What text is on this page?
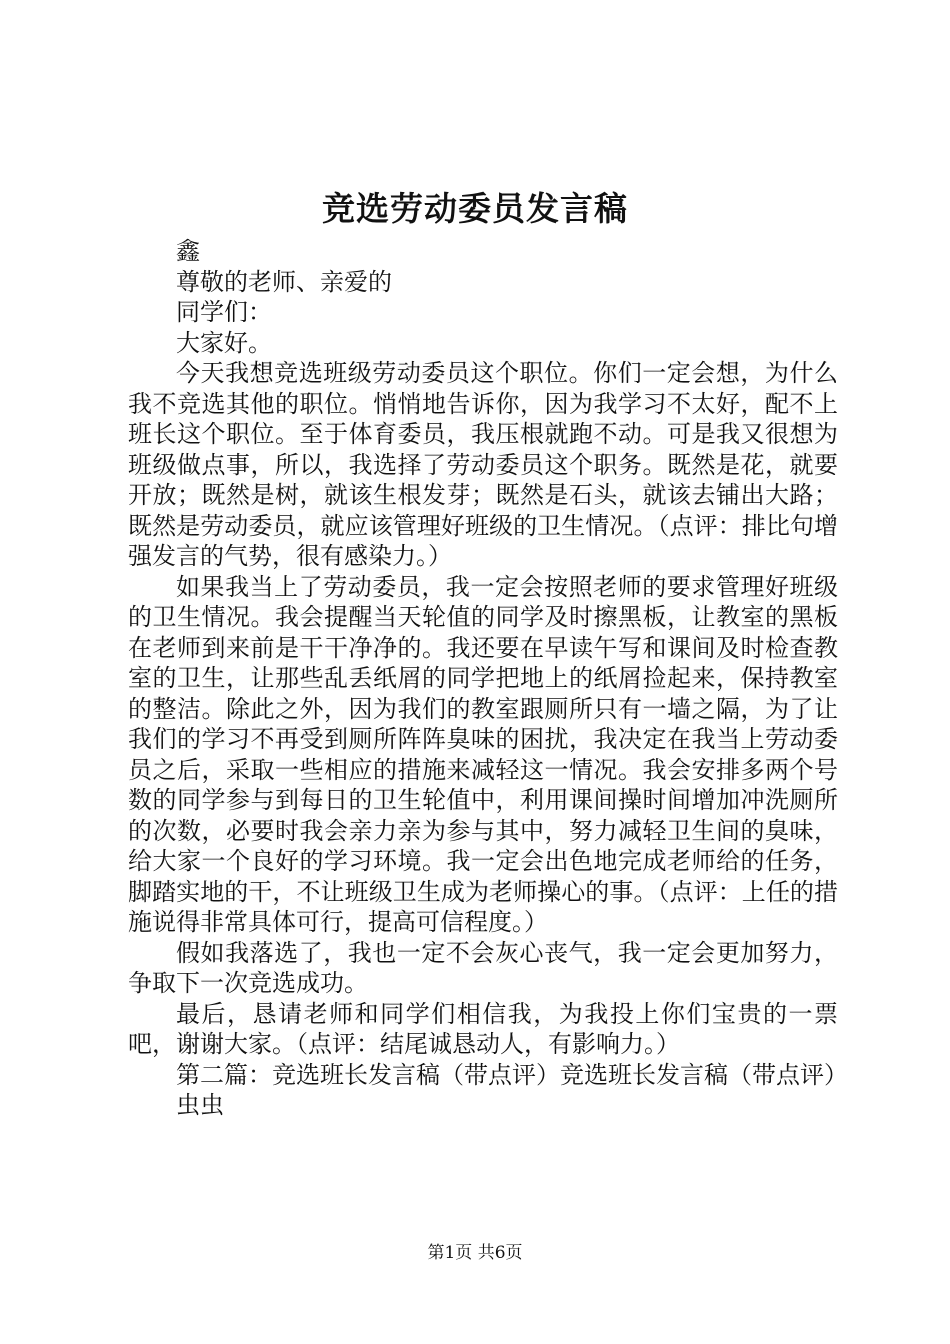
竞选劳动委员发言稿

鑫

尊敬的老师、亲爱的

同学们：

大家好。

今天我想竞选班级劳动委员这个职位。你们一定会想，为什么我不竞选其他的职位。悄悄地告诉你，因为我学习不太好，配不上班长这个职位。至于体育委员，我压根就跑不动。可是我又很想为班级做点事，所以，我选择了劳动委员这个职务。既然是花，就要开放；既然是树，就该生根发芽；既然是石头，就该去铺出大路；既然是劳动委员，就应该管理好班级的卫生情况。（点评：排比句增强发言的气势，很有感染力。）

如果我当上了劳动委员，我一定会按照老师的要求管理好班级的卫生情况。我会提醒当天轮值的同学及时擦黑板，让教室的黑板在老师到来前是干干净净的。我还要在早读午写和课间及时检查教室的卫生，让那些乱丢纸屑的同学把地上的纸屑捡起来，保持教室的整洁。除此之外，因为我们的教室跟厕所只有一墙之隔，为了让我们的学习不再受到厕所阵阵臭味的困扰，我决定在我当上劳动委员之后，采取一些相应的措施来减轻这一情况。我会安排多两个号数的同学参与到每日的卫生轮值中，利用课间操时间增加冲洗厕所的次数，必要时我会亲力亲为参与其中，努力减轻卫生间的臭味，给大家一个良好的学习环境。我一定会出色地完成老师给的任务，脚踏实地的干，不让班级卫生成为老师操心的事。（点评：上任的措施说得非常具体可行，提高可信程度。）

假如我落选了，我也一定不会灰心丧气，我一定会更加努力，争取下一次竞选成功。

最后，恳请老师和同学们相信我，为我投上你们宝贵的一票吧，谢谢大家。（点评：结尾诚恳动人，有影响力。）

第二篇：竞选班长发言稿（带点评）竞选班长发言稿（带点评）

虫虫

第1页 共6页
